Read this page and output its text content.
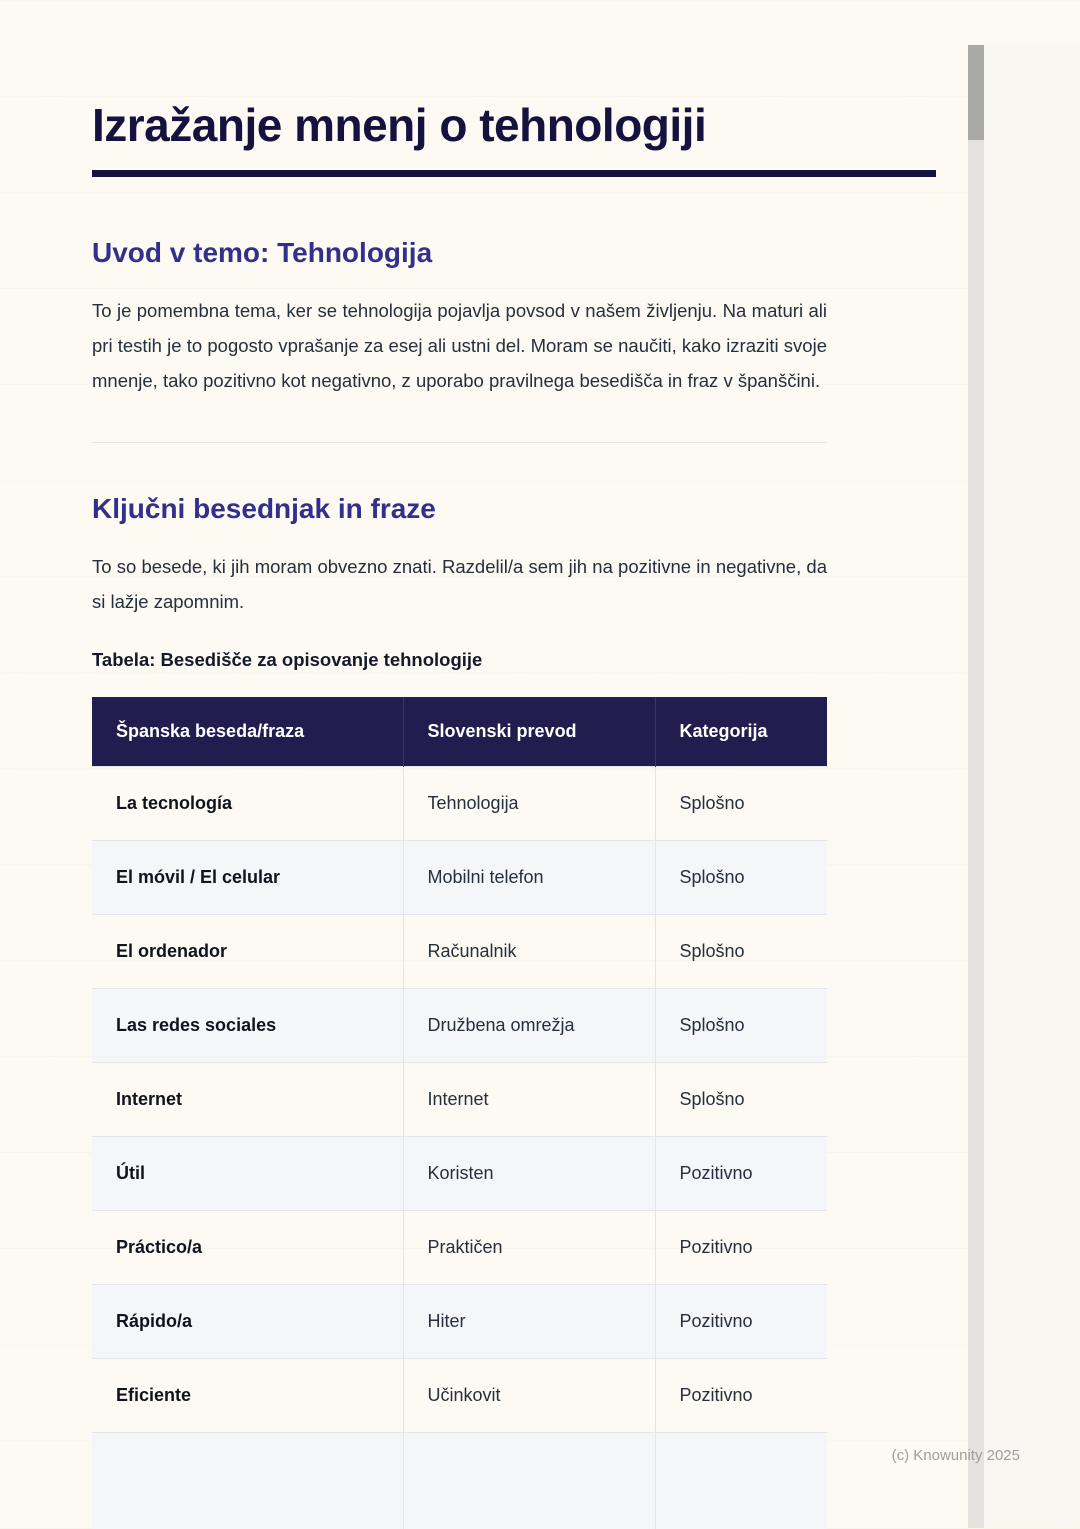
Izražanje mnenj o tehnologiji
Uvod v temo: Tehnologija

To je pomembna tema, ker se tehnologija pojavlja povsod v našem življenju. Na maturi ali pri testih je to pogosto vprašanje za esej ali ustni del. Moram se naučiti, kako izraziti svoje mnenje, tako pozitivno kot negativno, z uporabo pravilnega besedišča in fraz v španščini.

Ključni besednjak in fraze

To so besede, ki jih moram obvezno znati. Razdelil/a sem jih na pozitivne in negativne, da si lažje zapomnim.

Tabela: Besedišče za opisovanje tehnologije

Španska beseda/fraza	Slovenski prevod	Kategorija
La tecnología	Tehnologija	Splošno
El móvil / El celular	Mobilni telefon	Splošno
El ordenador	Računalnik	Splošno
Las redes sociales	Družbena omrežja	Splošno
Internet	Internet	Splošno
Útil	Koristen	Pozitivno
Práctico/a	Praktičen	Pozitivno
Rápido/a	Hiter	Pozitivno
Eficiente	Učinkovit	Pozitivno

(c) Knowunity 2025
